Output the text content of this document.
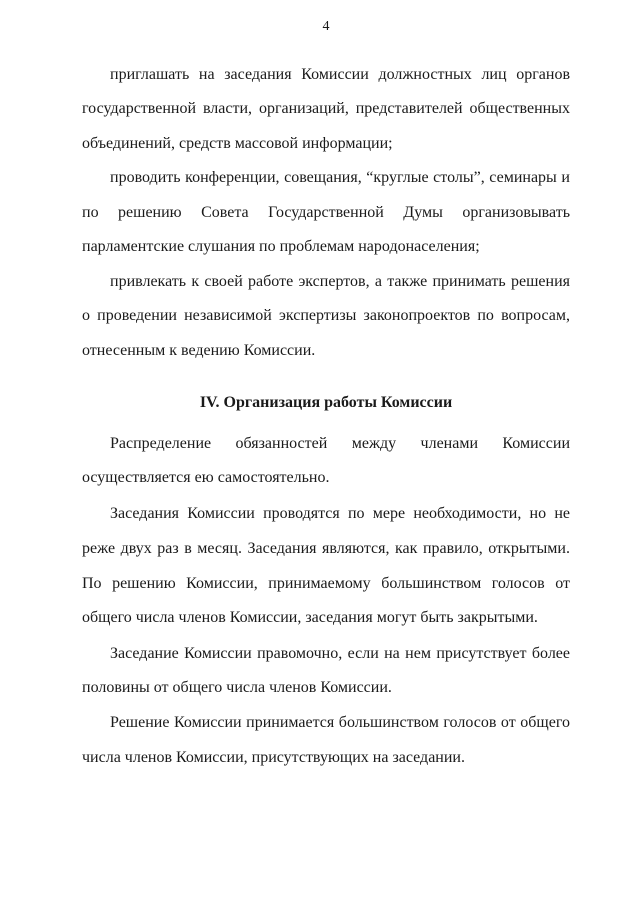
4
приглашать на заседания Комиссии должностных лиц органов
государственной власти, организаций, представителей общественных
объединений, средств массовой информации;
проводить конференции, совещания, “круглые столы”, семинары и
по решению Совета Государственной Думы организовывать
парламентские слушания по проблемам народонаселения;
привлекать к своей работе экспертов, а также принимать решения
о проведении независимой экспертизы законопроектов по вопросам,
отнесенным к ведению Комиссии.
IV. Организация работы Комиссии
Распределение обязанностей между членами Комиссии
осуществляется ею самостоятельно.
Заседания Комиссии проводятся по мере необходимости, но не
реже двух раз в месяц. Заседания являются, как правило, открытыми.
По решению Комиссии, принимаемому большинством голосов от
общего числа членов Комиссии, заседания могут быть закрытыми.
Заседание Комиссии правомочно, если на нем присутствует более
половины от общего числа членов Комиссии.
Решение Комиссии принимается большинством голосов от общего
числа членов Комиссии, присутствующих на заседании.
